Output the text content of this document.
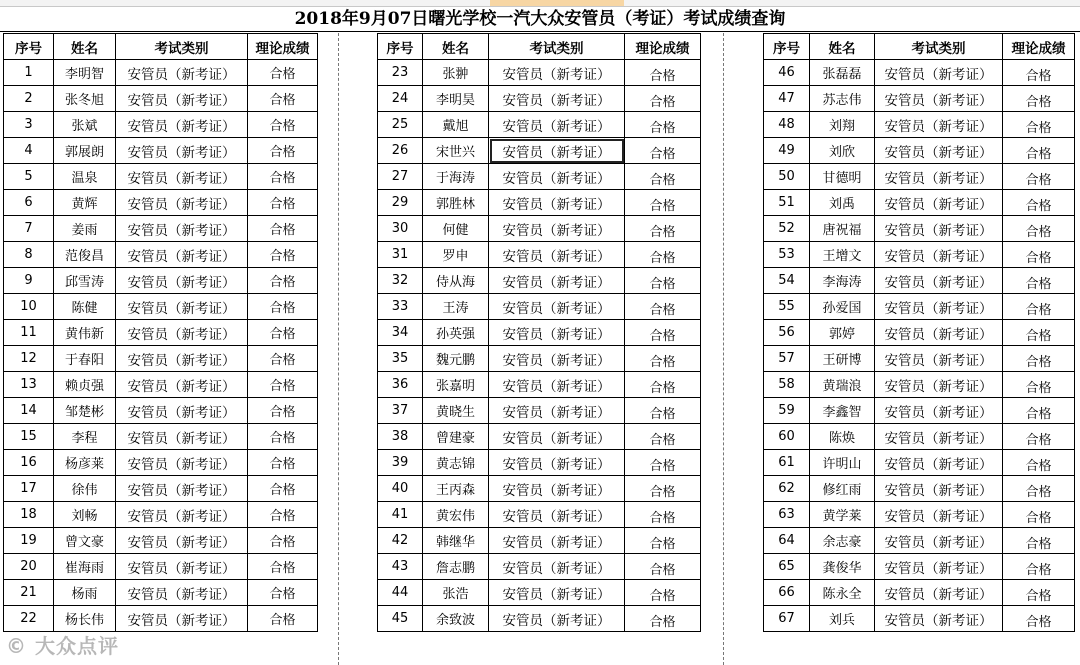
2018年9月07日曙光学校一汽大众安管员（考证）考试成绩查询
序号	姓名	考试类别	理论成绩
1	李明智	安管员（新考证）	合格
2	张冬旭	安管员（新考证）	合格
3	张斌	安管员（新考证）	合格
4	郭展朗	安管员（新考证）	合格
5	温泉	安管员（新考证）	合格
6	黄辉	安管员（新考证）	合格
7	姜雨	安管员（新考证）	合格
8	范俊昌	安管员（新考证）	合格
9	邱雪涛	安管员（新考证）	合格
10	陈健	安管员（新考证）	合格
11	黄伟新	安管员（新考证）	合格
12	于春阳	安管员（新考证）	合格
13	赖贞强	安管员（新考证）	合格
14	邹楚彬	安管员（新考证）	合格
15	李程	安管员（新考证）	合格
16	杨彦莱	安管员（新考证）	合格
17	徐伟	安管员（新考证）	合格
18	刘畅	安管员（新考证）	合格
19	曾文豪	安管员（新考证）	合格
20	崔海雨	安管员（新考证）	合格
21	杨雨	安管员（新考证）	合格
22	杨长伟	安管员（新考证）	合格
序号	姓名	考试类别	理论成绩
23	张翀	安管员（新考证）	合格
24	李明昊	安管员（新考证）	合格
25	戴旭	安管员（新考证）	合格
26	宋世兴	安管员（新考证）	合格
27	于海涛	安管员（新考证）	合格
29	郭胜林	安管员（新考证）	合格
30	何健	安管员（新考证）	合格
31	罗申	安管员（新考证）	合格
32	侍从海	安管员（新考证）	合格
33	王涛	安管员（新考证）	合格
34	孙英强	安管员（新考证）	合格
35	魏元鹏	安管员（新考证）	合格
36	张嘉明	安管员（新考证）	合格
37	黄晓生	安管员（新考证）	合格
38	曾建豪	安管员（新考证）	合格
39	黄志锦	安管员（新考证）	合格
40	王丙森	安管员（新考证）	合格
41	黄宏伟	安管员（新考证）	合格
42	韩继华	安管员（新考证）	合格
43	詹志鹏	安管员（新考证）	合格
44	张浩	安管员（新考证）	合格
45	余致波	安管员（新考证）	合格
序号	姓名	考试类别	理论成绩
46	张磊磊	安管员（新考证）	合格
47	苏志伟	安管员（新考证）	合格
48	刘翔	安管员（新考证）	合格
49	刘欣	安管员（新考证）	合格
50	甘德明	安管员（新考证）	合格
51	刘禹	安管员（新考证）	合格
52	唐祝福	安管员（新考证）	合格
53	王增文	安管员（新考证）	合格
54	李海涛	安管员（新考证）	合格
55	孙爱国	安管员（新考证）	合格
56	郭婷	安管员（新考证）	合格
57	王研博	安管员（新考证）	合格
58	黄瑞浪	安管员（新考证）	合格
59	李鑫智	安管员（新考证）	合格
60	陈焕	安管员（新考证）	合格
61	许明山	安管员（新考证）	合格
62	修红雨	安管员（新考证）	合格
63	黄学莱	安管员（新考证）	合格
64	余志豪	安管员（新考证）	合格
65	龚俊华	安管员（新考证）	合格
66	陈永全	安管员（新考证）	合格
67	刘兵	安管员（新考证）	合格
© 大众点评
